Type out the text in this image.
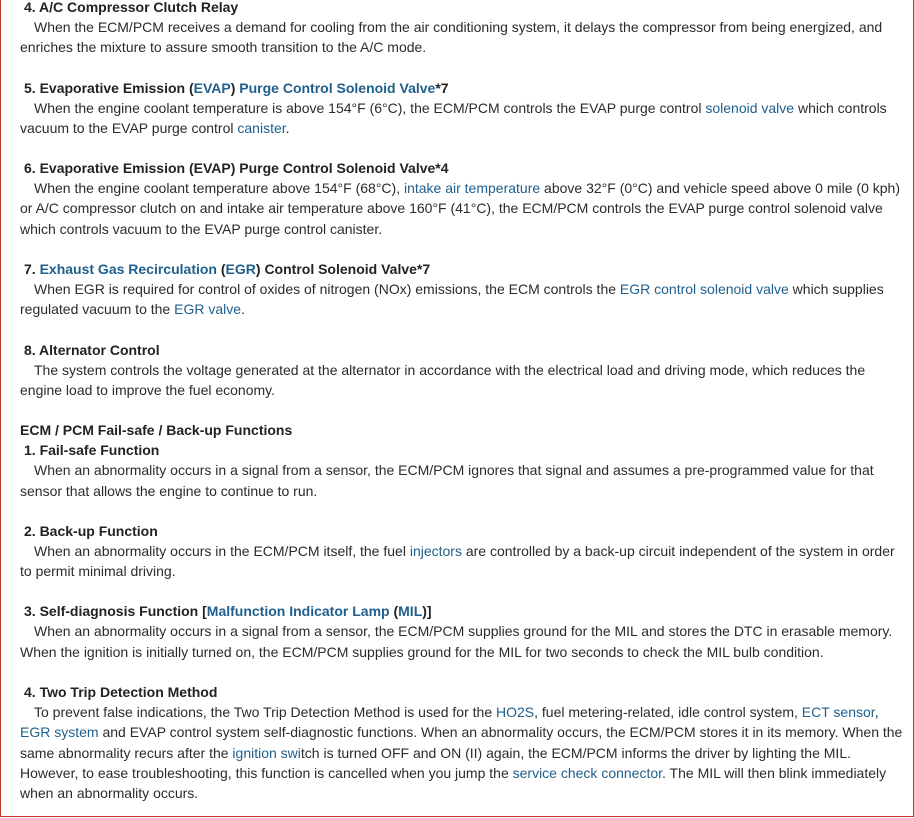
4. A/C Compressor Clutch Relay
When the ECM/PCM receives a demand for cooling from the air conditioning system, it delays the compressor from being energized, and enriches the mixture to assure smooth transition to the A/C mode.
5. Evaporative Emission (EVAP) Purge Control Solenoid Valve*7
When the engine coolant temperature is above 154°F (6°C), the ECM/PCM controls the EVAP purge control solenoid valve which controls vacuum to the EVAP purge control canister.
6. Evaporative Emission (EVAP) Purge Control Solenoid Valve*4
When the engine coolant temperature above 154°F (68°C), intake air temperature above 32°F (0°C) and vehicle speed above 0 mile (0 kph) or A/C compressor clutch on and intake air temperature above 160°F (41°C), the ECM/PCM controls the EVAP purge control solenoid valve which controls vacuum to the EVAP purge control canister.
7. Exhaust Gas Recirculation (EGR) Control Solenoid Valve*7
When EGR is required for control of oxides of nitrogen (NOx) emissions, the ECM controls the EGR control solenoid valve which supplies regulated vacuum to the EGR valve.
8. Alternator Control
The system controls the voltage generated at the alternator in accordance with the electrical load and driving mode, which reduces the engine load to improve the fuel economy.
ECM / PCM Fail-safe / Back-up Functions
1. Fail-safe Function
When an abnormality occurs in a signal from a sensor, the ECM/PCM ignores that signal and assumes a pre-programmed value for that sensor that allows the engine to continue to run.
2. Back-up Function
When an abnormality occurs in the ECM/PCM itself, the fuel injectors are controlled by a back-up circuit independent of the system in order to permit minimal driving.
3. Self-diagnosis Function [Malfunction Indicator Lamp (MIL)]
When an abnormality occurs in a signal from a sensor, the ECM/PCM supplies ground for the MIL and stores the DTC in erasable memory. When the ignition is initially turned on, the ECM/PCM supplies ground for the MIL for two seconds to check the MIL bulb condition.
4. Two Trip Detection Method
To prevent false indications, the Two Trip Detection Method is used for the HO2S, fuel metering-related, idle control system, ECT sensor, EGR system and EVAP control system self-diagnostic functions. When an abnormality occurs, the ECM/PCM stores it in its memory. When the same abnormality recurs after the ignition switch is turned OFF and ON (II) again, the ECM/PCM informs the driver by lighting the MIL. However, to ease troubleshooting, this function is cancelled when you jump the service check connector. The MIL will then blink immediately when an abnormality occurs.
